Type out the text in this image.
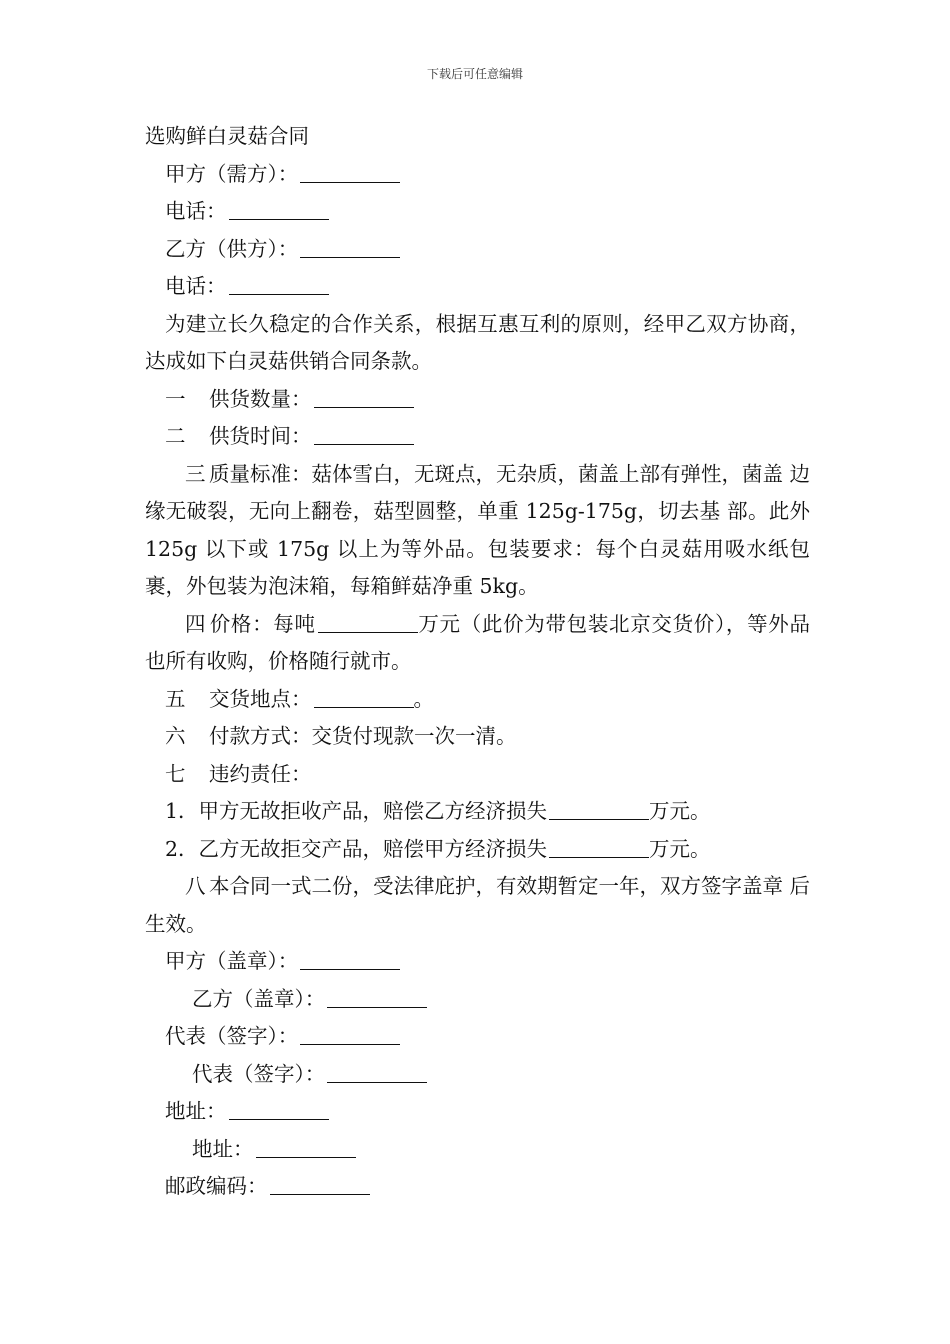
下载后可任意编辑
选购鲜白灵菇合同
甲方（需方）：
电话：
乙方（供方）：
电话：
为建立长久稳定的合作关系，根据互惠互利的原则，经甲乙双方协商，达成如下白灵菇供销合同条款。
一 供货数量：
二 供货时间：
三 质量标准：菇体雪白，无斑点，无杂质，菌盖上部有弹性，菌盖 边缘无破裂，无向上翻卷，菇型圆整，单重 125g-175g，切去基 部。此外 125g 以下或 175g 以上为等外品。包装要求：每个白灵菇用吸水纸包裹，外包装为泡沫箱，每箱鲜菇净重 5kg。
四 价格：每吨	万元（此价为带包装北京交货价），等外品 也所有收购，价格随行就市。
五 交货地点：	。
六 付款方式：交货付现款一次一清。
七 违约责任：
1．甲方无故拒收产品，赔偿乙方经济损失	万元。
2．乙方无故拒交产品，赔偿甲方经济损失	万元。
八 本合同一式二份，受法律庇护，有效期暂定一年，双方签字盖章 后生效。
甲方（盖章）：
乙方（盖章）：
代表（签字）：
代表（签字）：
地址：
地址：
邮政编码：
